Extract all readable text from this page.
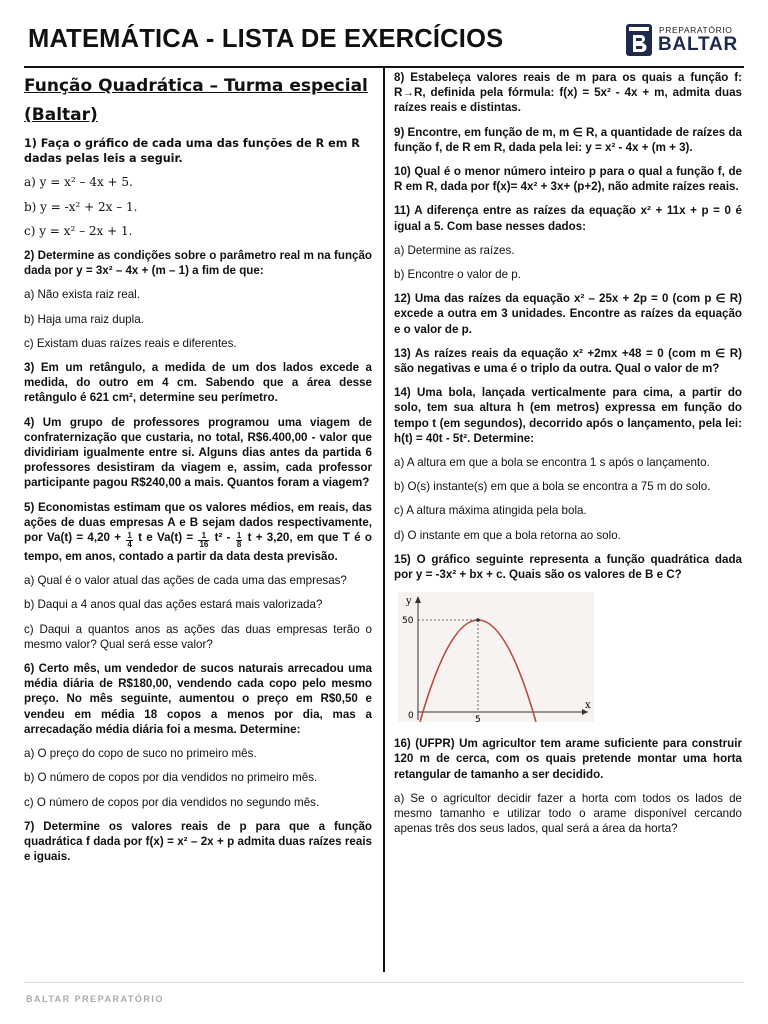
MATEMÁTICA - LISTA DE EXERCÍCIOS	PREPARATÓRIO
BALTAR
Função Quadrática – Turma especial (Baltar)

1) Faça o gráfico de cada uma das funções de R em R dadas pelas leis a seguir.

a) y = x² – 4x + 5.

b) y = -x² + 2x – 1.

c) y = x² – 2x + 1.

2) Determine as condições sobre o parâmetro real m na função dada por y = 3x² – 4x + (m – 1) a fim de que:

a) Não exista raiz real.

b) Haja uma raiz dupla.

c) Existam duas raízes reais e diferentes.

3) Em um retângulo, a medida de um dos lados excede a medida, do outro em 4 cm. Sabendo que a área desse retângulo é 621 cm², determine seu perímetro.

4) Um grupo de professores programou uma viagem de confraternização que custaria, no total, R$6.400,00 - valor que dividiriam igualmente entre si. Alguns dias antes da partida 6 professores desistiram da viagem e, assim, cada professor participante pagou R$240,00 a mais. Quantos foram a viagem?

5) Economistas estimam que os valores médios, em reais, das ações de duas empresas A e B sejam dados respectivamente, por $Va(t) = 4,20 + \frac{1}{4}$ t e $Va(t) = \frac{1}{16} t^2 - \frac{1}{8}$ t + 3,20, em que T é o tempo, em anos, contado a partir da data desta previsão.

a) Qual é o valor atual das ações de cada uma das empresas?

b) Daqui a 4 anos qual das ações estará mais valorizada?

c) Daqui a quantos anos as ações das duas empresas terão o mesmo valor? Qual será esse valor?

6) Certo mês, um vendedor de sucos naturais arrecadou uma média diária de R$180,00, vendendo cada copo pelo mesmo preço. No mês seguinte, aumentou o preço em R$0,50 e vendeu em média 18 copos a menos por dia, mas a arrecadação média diária foi a mesma. Determine:

a) O preço do copo de suco no primeiro mês.

b) O número de copos por dia vendidos no primeiro mês.

c) O número de copos por dia vendidos no segundo mês.

7) Determine os valores reais de p para que a função quadrática f dada por f(x) = x² – 2x + p admita duas raízes reais e iguais.

8) Estabeleça valores reais de m para os quais a função f: R→R, definida pela fórmula: f(x) = 5x² - 4x + m, admita duas raízes reais e distintas.

9) Encontre, em função de m, m ∈ R, a quantidade de raízes da função f, de R em R, dada pela lei: y = x² - 4x + (m + 3).

10) Qual é o menor número inteiro p para o qual a função f, de R em R, dada por f(x)= 4x² + 3x+ (p+2), não admite raízes reais.

11) A diferença entre as raízes da equação x² + 11x + p = 0 é igual a 5. Com base nesses dados:

a) Determine as raízes.

b) Encontre o valor de p.

12) Uma das raízes da equação x² – 25x + 2p = 0 (com p ∈ R) excede a outra em 3 unidades. Encontre as raízes da equação e o valor de p.

13) As raízes reais da equação x² +2mx +48 = 0 (com m ∈ R) são negativas e uma é o triplo da outra. Qual o valor de m?

14) Uma bola, lançada verticalmente para cima, a partir do solo, tem sua altura h (em metros) expressa em função do tempo t (em segundos), decorrido após o lançamento, pela lei: h(t) = 40t - 5t². Determine:

a) A altura em que a bola se encontra 1 s após o lançamento.

b) O(s) instante(s) em que a bola se encontra a 75 m do solo.

c) A altura máxima atingida pela bola.

d) O instante em que a bola retorna ao solo.

15) O gráfico seguinte representa a função quadrática dada por y = -3x² + bx + c. Quais são os valores de B e C?

y
x
50
5
0

16) (UFPR) Um agricultor tem arame suficiente para construir 120 m de cerca, com os quais pretende montar uma horta retangular de tamanho a ser decidido.

a) Se o agricultor decidir fazer a horta com todos os lados de mesmo tamanho e utilizar todo o arame disponível cercando apenas três dos seus lados, qual será a área da horta?

BALTAR PREPARATÓRIO
